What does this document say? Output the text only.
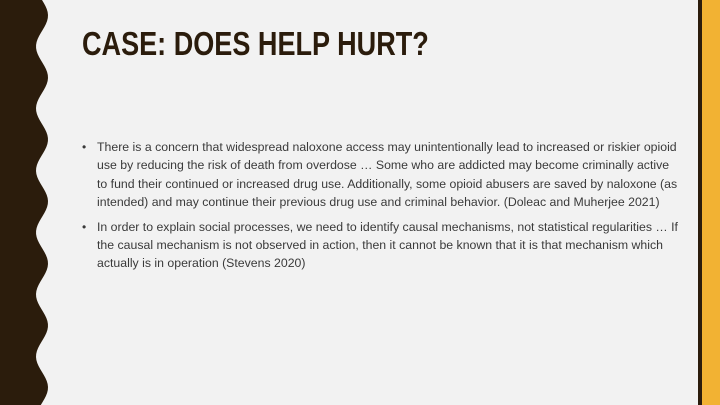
CASE: DOES HELP HURT?
• There is a concern that widespread naloxone access may unintentionally lead to increased or riskier opioid use by reducing the risk of death from overdose … Some who are addicted may become criminally active to fund their continued or increased drug use. Additionally, some opioid abusers are saved by naloxone (as intended) and may continue their previous drug use and criminal behavior. (Doleac and Muherjee 2021)
• In order to explain social processes, we need to identify causal mechanisms, not statistical regularities … If the causal mechanism is not observed in action, then it cannot be known that it is that mechanism which actually is in operation (Stevens 2020)
